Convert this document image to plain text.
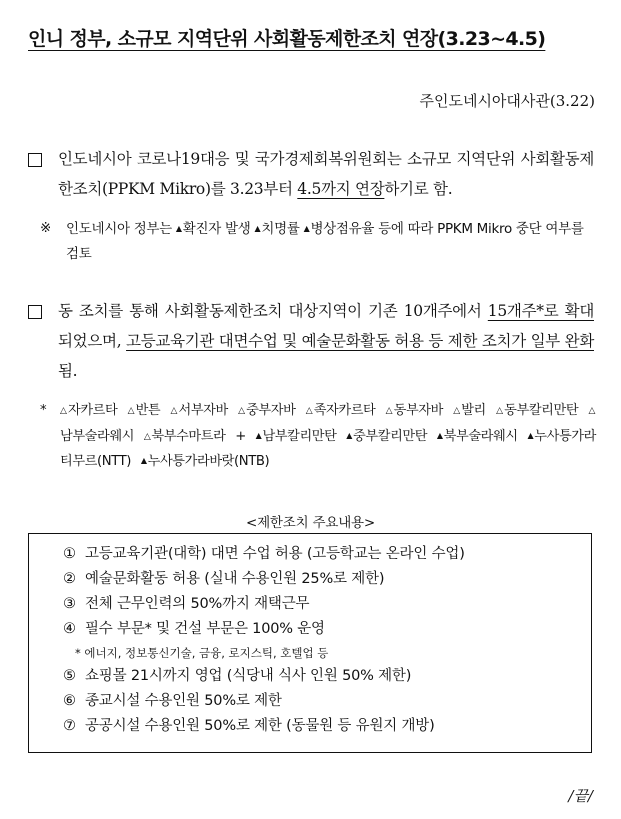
인니 정부, 소규모 지역단위 사회활동제한조치 연장(3.23~4.5)
주인도네시아대사관(3.22)
인도네시아 코로나19대응 및 국가경제회복위원회는 소규모 지역단위 사회활동제한조치(PPKM Mikro)를 3.23부터 4.5까지 연장하기로 함.
※	인도네시아 정부는 ▲확진자 발생 ▲치명률 ▲병상점유율 등에 따라 PPKM Mikro 중단 여부를 검토
동 조치를 통해 사회활동제한조치 대상지역이 기존 10개주에서 15개주*로 확대되었으며, 고등교육기관 대면수업 및 예술문화활동 허용 등 제한 조치가 일부 완화됨.
*	△자카르타 △반튼 △서부자바 △중부자바 △족자카르타 △동부자바 △발리 △동부칼리만탄 △남부술라웨시 △북부수마트라 + ▲남부칼리만탄 ▲중부칼리만탄 ▲북부술라웨시 ▲누사틍가라티무르(NTT) ▲누사틍가라바랏(NTB)
<제한조치 주요내용>
① 고등교육기관(대학) 대면 수업 허용 (고등학교는 온라인 수업)
② 예술문화활동 허용 (실내 수용인원 25%로 제한)
③ 전체 근무인력의 50%까지 재택근무
④ 필수 부문* 및 건설 부문은 100% 운영
* 에너지, 정보통신기술, 금융, 로지스틱, 호텔업 등
⑤ 쇼핑몰 21시까지 영업 (식당내 식사 인원 50% 제한)
⑥ 종교시설 수용인원 50%로 제한
⑦ 공공시설 수용인원 50%로 제한 (동물원 등 유원지 개방)
/끝/
